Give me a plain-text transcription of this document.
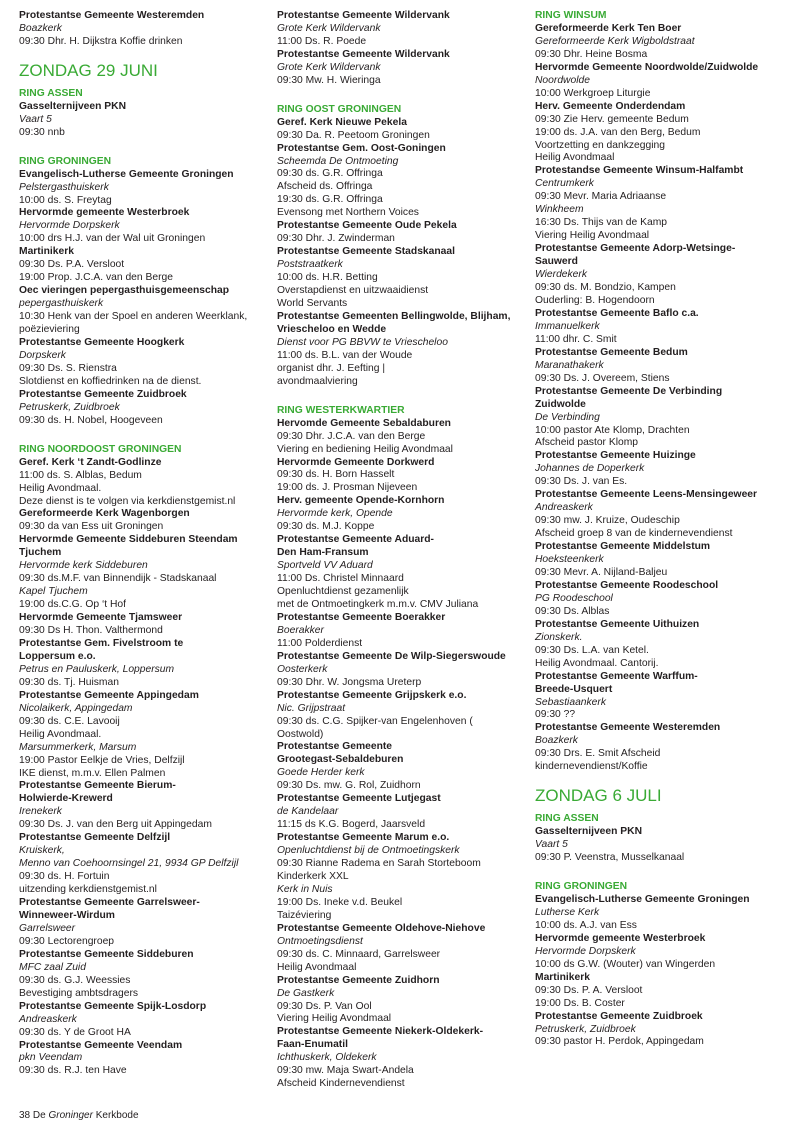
Protestantse Gemeente Westeremden
Boazkerk
09:30 Dhr. H. Dijkstra Koffie drinken
ZONDAG 29 JUNI
RING ASSEN
Gasselternijveen PKN
Vaart 5
09:30 nnb
RING GRONINGEN
Evangelisch-Lutherse Gemeente Groningen
Pelstergasthuiskerk
10:00 ds. S. Freytag
Hervormde gemeente Westerbroek
Hervormde Dorpskerk
10:00 drs H.J. van der Wal uit Groningen
Martinikerk
09:30 Ds. P.A. Versloot
19:00 Prop. J.C.A. van den Berge
Oec vieringen pepergasthuisgemeenschap
pepergasthuiskerk
10:30 Henk van der Spoel en anderen Weerklank,
poëzieviering
Protestantse Gemeente Hoogkerk
Dorpskerk
09:30 Ds. S. Rienstra
Slotdienst en koffiedrinken na de dienst.
Protestantse Gemeente Zuidbroek
Petruskerk, Zuidbroek
09:30 ds. H. Nobel, Hoogeveen
RING NOORDOOST GRONINGEN
Geref. Kerk ‘t Zandt-Godlinze
11:00 ds. S. Alblas, Bedum
Heilig Avondmaal.
Deze dienst is te volgen via kerkdienstgemist.nl
Gereformeerde Kerk Wagenborgen
09:30 da van Ess uit Groningen
Hervormde Gemeente Siddeburen Steendam
Tjuchem
Hervormde kerk Siddeburen
09:30 ds.M.F. van Binnendijk - Stadskanaal
Kapel Tjuchem
19:00 ds.C.G. Op ‘t Hof
Hervormde Gemeente Tjamsweer
09:30 Ds H. Thon. Valthermond
Protestantse Gem. Fivelstroom te
Loppersum e.o.
Petrus en Pauluskerk, Loppersum
09:30 ds. Tj. Huisman
Protestantse Gemeente Appingedam
Nicolaikerk, Appingedam
09:30 ds. C.E. Lavooij
Heilig Avondmaal.
Marsummerkerk, Marsum
19:00 Pastor Eelkje de Vries, Delfzijl
IKE dienst, m.m.v. Ellen Palmen
Protestantse Gemeente Bierum-
Holwierde-Krewerd
Irenekerk
09:30 Ds. J. van den Berg uit Appingedam
Protestantse Gemeente Delfzijl
Kruiskerk,
Menno van Coehoornsingel 21, 9934 GP Delfzijl
09:30 ds. H. Fortuin
uitzending kerkdienstgemist.nl
Protestantse Gemeente Garrelsweer-
Winneweer-Wirdum
Garrelsweer
09:30 Lectorengroep
Protestantse Gemeente Siddeburen
MFC zaal Zuid
09:30 ds. G.J. Weessies
Bevestiging ambtsdragers
Protestantse Gemeente Spijk-Losdorp
Andreaskerk
09:30 ds. Y de Groot HA
Protestantse Gemeente Veendam
pkn Veendam
09:30 ds. R.J. ten Have
Protestantse Gemeente Wildervank
Grote Kerk Wildervank
11:00 Ds. R. Poede
Protestantse Gemeente Wildervank
Grote Kerk Wildervank
09:30 Mw. H. Wieringa
RING OOST GRONINGEN
Geref. Kerk Nieuwe Pekela
09:30 Da. R. Peetoom Groningen
Protestantse Gem. Oost-Goningen
Scheemda De Ontmoeting
09:30 ds. G.R. Offringa
Afscheid ds. Offringa
19:30 ds. G.R. Offringa
Evensong met Northern Voices
Protestantse Gemeente Oude Pekela
09:30 Dhr. J. Zwinderman
Protestantse Gemeente Stadskanaal
Poststraatkerk
10:00 ds. H.R. Betting
Overstapdienst en uitzwaaidienst
World Servants
Protestantse Gemeenten Bellingwolde, Blijham,
Vriescheloo en Wedde
Dienst voor PG BBVW te Vriescheloo
11:00 ds. B.L. van der Woude
organist dhr. J. Eefting |
avondmaalviering
RING WESTERKWARTIER
Hervomde Gemeente Sebaldaburen
09:30 Dhr. J.C.A. van den Berge
Viering en bediening Heilig Avondmaal
Hervormde Gemeente Dorkwerd
09:30 ds. H. Born Hasselt
19:00 ds. J. Prosman Nijeveen
Herv. gemeente Opende-Kornhorn
Hervormde kerk, Opende
09:30 ds. M.J. Koppe
Protestantse Gemeente Aduard-
Den Ham-Fransum
Sportveld VV Aduard
11:00 Ds. Christel Minnaard
Openluchtdienst gezamenlijk
met de Ontmoetingkerk m.m.v. CMV Juliana
Protestantse Gemeente Boerakker
Boerakker
11:00 Polderdienst
Protestantse Gemeente De Wilp-Siegerswoude
Oosterkerk
09:30 Dhr. W. Jongsma Ureterp
Protestantse Gemeente Grijpskerk e.o.
Nic. Grijpstraat
09:30 ds. C.G. Spijker-van Engelenhoven (
Oostwold)
Protestantse Gemeente
Grootegast-Sebaldeburen
Goede Herder kerk
09:30 Ds. mw. G. Rol, Zuidhorn
Protestantse Gemeente Lutjegast
de Kandelaar
11:15 ds K.G. Bogerd, Jaarsveld
Protestantse Gemeente Marum e.o.
Openluchtdienst bij de Ontmoetingskerk
09:30 Rianne Radema en Sarah Storteboom
Kinderkerk XXL
Kerk in Nuis
19:00 Ds. Ineke v.d. Beukel
Taizéviering
Protestantse Gemeente Oldehove-Niehove
Ontmoetingsdienst
09:30 ds. C. Minnaard, Garrelsweer
Heilig Avondmaal
Protestantse Gemeente Zuidhorn
De Gastkerk
09:30 Ds. P. Van Ool
Viering Heilig Avondmaal
Protestantse Gemeente Niekerk-Oldekerk-
Faan-Enumatil
Ichthuskerk, Oldekerk
09:30 mw. Maja Swart-Andela
Afscheid Kindernevendienst
RING WINSUM
Gereformeerde Kerk Ten Boer
Gereformeerde Kerk Wigboldstraat
09:30 Dhr. Heine Bosma
Hervormde Gemeente Noordwolde/Zuidwolde
Noordwolde
10:00 Werkgroep Liturgie
Herv. Gemeente Onderdendam
09:30 Zie Herv. gemeente Bedum
19:00 ds. J.A. van den Berg, Bedum
Voortzetting en dankzegging
Heilig Avondmaal
Protestandse Gemeente Winsum-Halfambt
Centrumkerk
09:30 Mevr. Maria Adriaanse
Winkheem
16:30 Ds. Thijs van de Kamp
Viering Heilig Avondmaal
Protestantse Gemeente Adorp-Wetsinge-
Sauwerd
Wierdekerk
09:30 ds. M. Bondzio, Kampen
Ouderling: B. Hogendoorn
Protestantse Gemeente Baflo c.a.
Immanuelkerk
11:00 dhr. C. Smit
Protestantse Gemeente Bedum
Maranathakerk
09:30 Ds. J. Overeem, Stiens
Protestantse Gemeente De Verbinding
Zuidwolde
De Verbinding
10:00 pastor Ate Klomp, Drachten
Afscheid pastor Klomp
Protestantse Gemeente Huizinge
Johannes de Doperkerk
09:30 Ds. J. van Es.
Protestantse Gemeente Leens-Mensingeweer
Andreaskerk
09:30 mw. J. Kruize, Oudeschip
Afscheid groep 8 van de kindernevendienst
Protestantse Gemeente Middelstum
Hoeksteenkerk
09:30 Mevr. A. Nijland-Baljeu
Protestantse Gemeente Roodeschool
PG Roodeschool
09:30 Ds. Alblas
Protestantse Gemeente Uithuizen
Zionskerk.
09:30 Ds. L.A. van Ketel.
Heilig Avondmaal. Cantorij.
Protestantse Gemeente Warffum-
Breede-Usquert
Sebastiaankerk
09:30 ??
Protestantse Gemeente Westeremden
Boazkerk
09:30 Drs. E. Smit Afscheid
kindernevendienst/Koffie
ZONDAG 6 JULI
RING ASSEN
Gasselternijveen PKN
Vaart 5
09:30 P. Veenstra, Musselkanaal
RING GRONINGEN
Evangelisch-Lutherse Gemeente Groningen
Lutherse Kerk
10:00 ds. A.J. van Ess
Hervormde gemeente Westerbroek
Hervormde Dorpskerk
10:00 ds G.W. (Wouter) van Wingerden
Martinikerk
09:30 Ds. P. A. Versloot
19:00 Ds. B. Coster
Protestantse Gemeente Zuidbroek
Petruskerk, Zuidbroek
09:30 pastor H. Perdok, Appingedam
38 De Groninger Kerkbode
